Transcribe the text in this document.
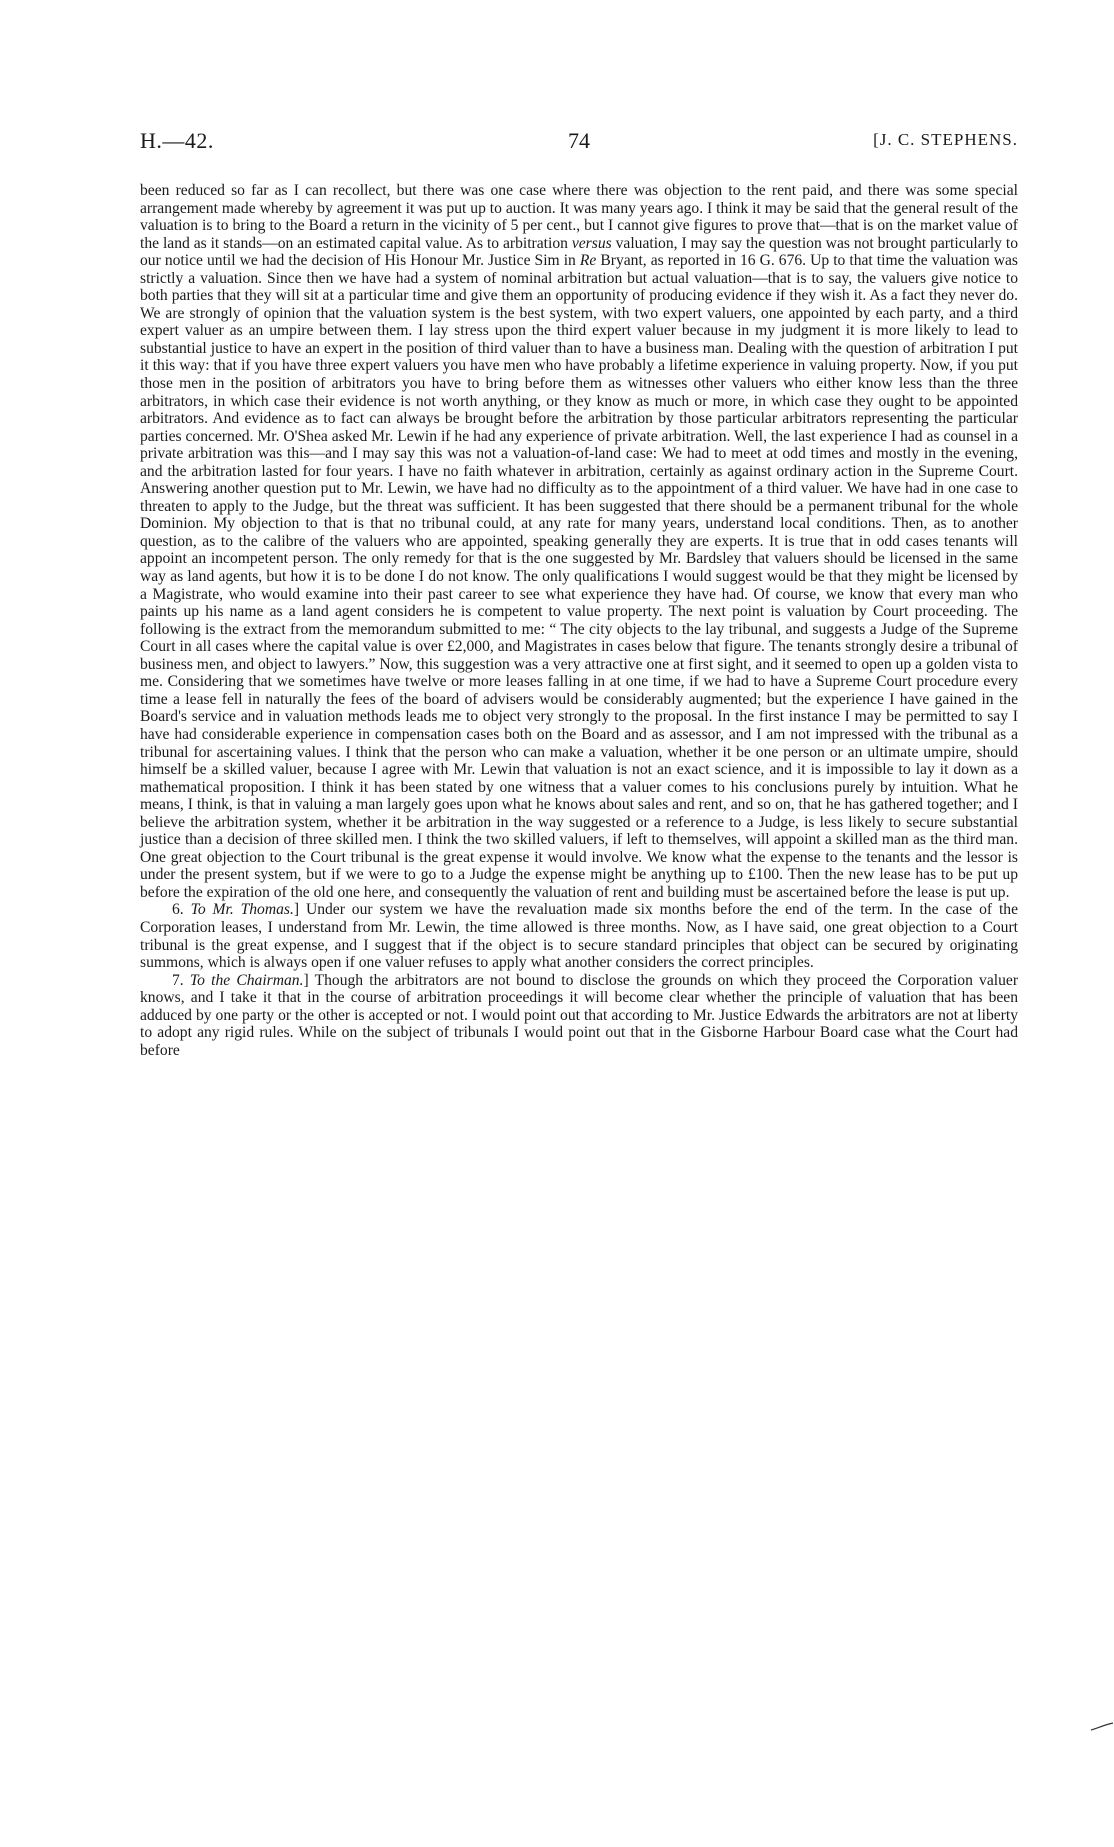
H.—42.	74	[J. C. STEPHENS.

been reduced so far as I can recollect, but there was one case where there was objection to the rent paid, and there was some special arrangement made whereby by agreement it was put up to auction. It was many years ago. I think it may be said that the general result of the valuation is to bring to the Board a return in the vicinity of 5 per cent., but I cannot give figures to prove that—that is on the market value of the land as it stands—on an estimated capital value. As to arbitration versus valuation, I may say the question was not brought particularly to our notice until we had the decision of His Honour Mr. Justice Sim in Re Bryant, as reported in 16 G. 676. Up to that time the valuation was strictly a valuation. Since then we have had a system of nominal arbitration but actual valuation—that is to say, the valuers give notice to both parties that they will sit at a particular time and give them an opportunity of producing evidence if they wish it. As a fact they never do. We are strongly of opinion that the valuation system is the best system, with two expert valuers, one appointed by each party, and a third expert valuer as an umpire between them. I lay stress upon the third expert valuer because in my judgment it is more likely to lead to substantial justice to have an expert in the position of third valuer than to have a business man. Dealing with the question of arbitration I put it this way: that if you have three expert valuers you have men who have probably a lifetime experience in valuing property. Now, if you put those men in the position of arbitrators you have to bring before them as witnesses other valuers who either know less than the three arbitrators, in which case their evidence is not worth anything, or they know as much or more, in which case they ought to be appointed arbitrators. And evidence as to fact can always be brought before the arbitration by those particular arbitrators representing the particular parties concerned. Mr. O'Shea asked Mr. Lewin if he had any experience of private arbitration. Well, the last experience I had as counsel in a private arbitration was this—and I may say this was not a valuation-of-land case: We had to meet at odd times and mostly in the evening, and the arbitration lasted for four years. I have no faith whatever in arbitration, certainly as against ordinary action in the Supreme Court. Answering another question put to Mr. Lewin, we have had no difficulty as to the appointment of a third valuer. We have had in one case to threaten to apply to the Judge, but the threat was sufficient. It has been suggested that there should be a permanent tribunal for the whole Dominion. My objection to that is that no tribunal could, at any rate for many years, understand local conditions. Then, as to another question, as to the calibre of the valuers who are appointed, speaking generally they are experts. It is true that in odd cases tenants will appoint an incompetent person. The only remedy for that is the one suggested by Mr. Bardsley that valuers should be licensed in the same way as land agents, but how it is to be done I do not know. The only qualifications I would suggest would be that they might be licensed by a Magistrate, who would examine into their past career to see what experience they have had. Of course, we know that every man who paints up his name as a land agent considers he is competent to value property. The next point is valuation by Court proceeding. The following is the extract from the memorandum submitted to me: “ The city objects to the lay tribunal, and suggests a Judge of the Supreme Court in all cases where the capital value is over £2,000, and Magistrates in cases below that figure. The tenants strongly desire a tribunal of business men, and object to lawyers.” Now, this suggestion was a very attractive one at first sight, and it seemed to open up a golden vista to me. Considering that we sometimes have twelve or more leases falling in at one time, if we had to have a Supreme Court procedure every time a lease fell in naturally the fees of the board of advisers would be considerably augmented; but the experience I have gained in the Board's service and in valuation methods leads me to object very strongly to the proposal. In the first instance I may be permitted to say I have had considerable experience in compensation cases both on the Board and as assessor, and I am not impressed with the tribunal as a tribunal for ascertaining values. I think that the person who can make a valuation, whether it be one person or an ultimate umpire, should himself be a skilled valuer, because I agree with Mr. Lewin that valuation is not an exact science, and it is impossible to lay it down as a mathematical proposition. I think it has been stated by one witness that a valuer comes to his conclusions purely by intuition. What he means, I think, is that in valuing a man largely goes upon what he knows about sales and rent, and so on, that he has gathered together; and I believe the arbitration system, whether it be arbitration in the way suggested or a reference to a Judge, is less likely to secure substantial justice than a decision of three skilled men. I think the two skilled valuers, if left to themselves, will appoint a skilled man as the third man. One great objection to the Court tribunal is the great expense it would involve. We know what the expense to the tenants and the lessor is under the present system, but if we were to go to a Judge the expense might be anything up to £100. Then the new lease has to be put up before the expiration of the old one here, and consequently the valuation of rent and building must be ascertained before the lease is put up.

6. To Mr. Thomas.] Under our system we have the revaluation made six months before the end of the term. In the case of the Corporation leases, I understand from Mr. Lewin, the time allowed is three months. Now, as I have said, one great objection to a Court tribunal is the great expense, and I suggest that if the object is to secure standard principles that object can be secured by originating summons, which is always open if one valuer refuses to apply what another considers the correct principles.

7. To the Chairman.] Though the arbitrators are not bound to disclose the grounds on which they proceed the Corporation valuer knows, and I take it that in the course of arbitration proceedings it will become clear whether the principle of valuation that has been adduced by one party or the other is accepted or not. I would point out that according to Mr. Justice Edwards the arbitrators are not at liberty to adopt any rigid rules. While on the subject of tribunals I would point out that in the Gisborne Harbour Board case what the Court had before
